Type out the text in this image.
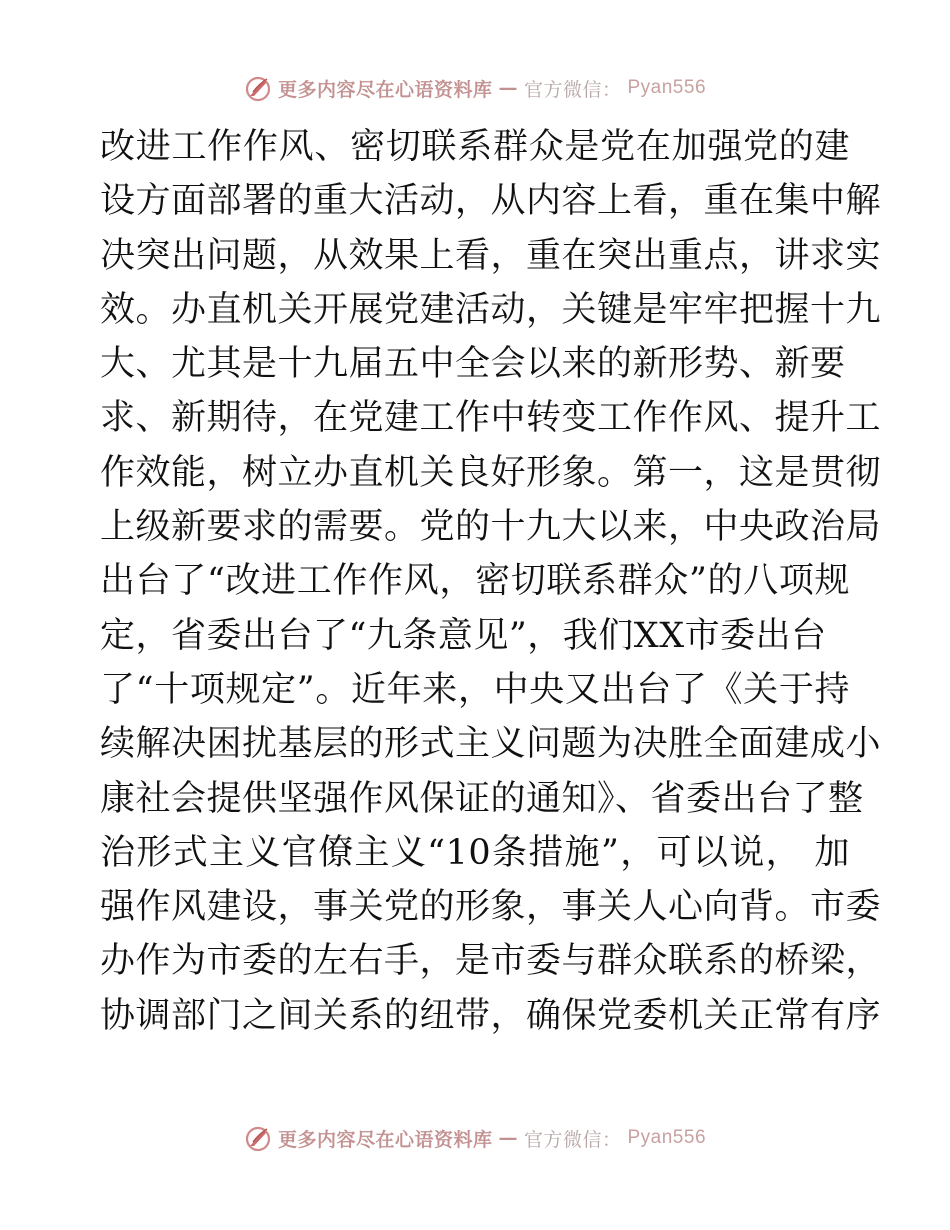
更多内容尽在心语资料库 — 官方微信： Pyan556
改进工作作风、密切联系群众是党在加强党的建
设方面部署的重大活动，从内容上看，重在集中解
决突出问题，从效果上看，重在突出重点，讲求实
效。办直机关开展党建活动，关键是牢牢把握十九
大、尤其是十九届五中全会以来的新形势、新要
求、新期待，在党建工作中转变工作作风、提升工
作效能，树立办直机关良好形象。第一，这是贯彻
上级新要求的需要。党的十九大以来，中央政治局
出台了“改进工作作风，密切联系群众”的八项规
定，省委出台了“九条意见”，我们XX市委出台
了“十项规定”。近年来，中央又出台了《关于持
续解决困扰基层的形式主义问题为决胜全面建成小
康社会提供坚强作风保证的通知》、省委出台了整
治形式主义官僚主义“10条措施”，可以说， 加
强作风建设，事关党的形象，事关人心向背。市委
办作为市委的左右手，是市委与群众联系的桥梁，
协调部门之间关系的纽带，确保党委机关正常有序
更多内容尽在心语资料库 — 官方微信： Pyan556
